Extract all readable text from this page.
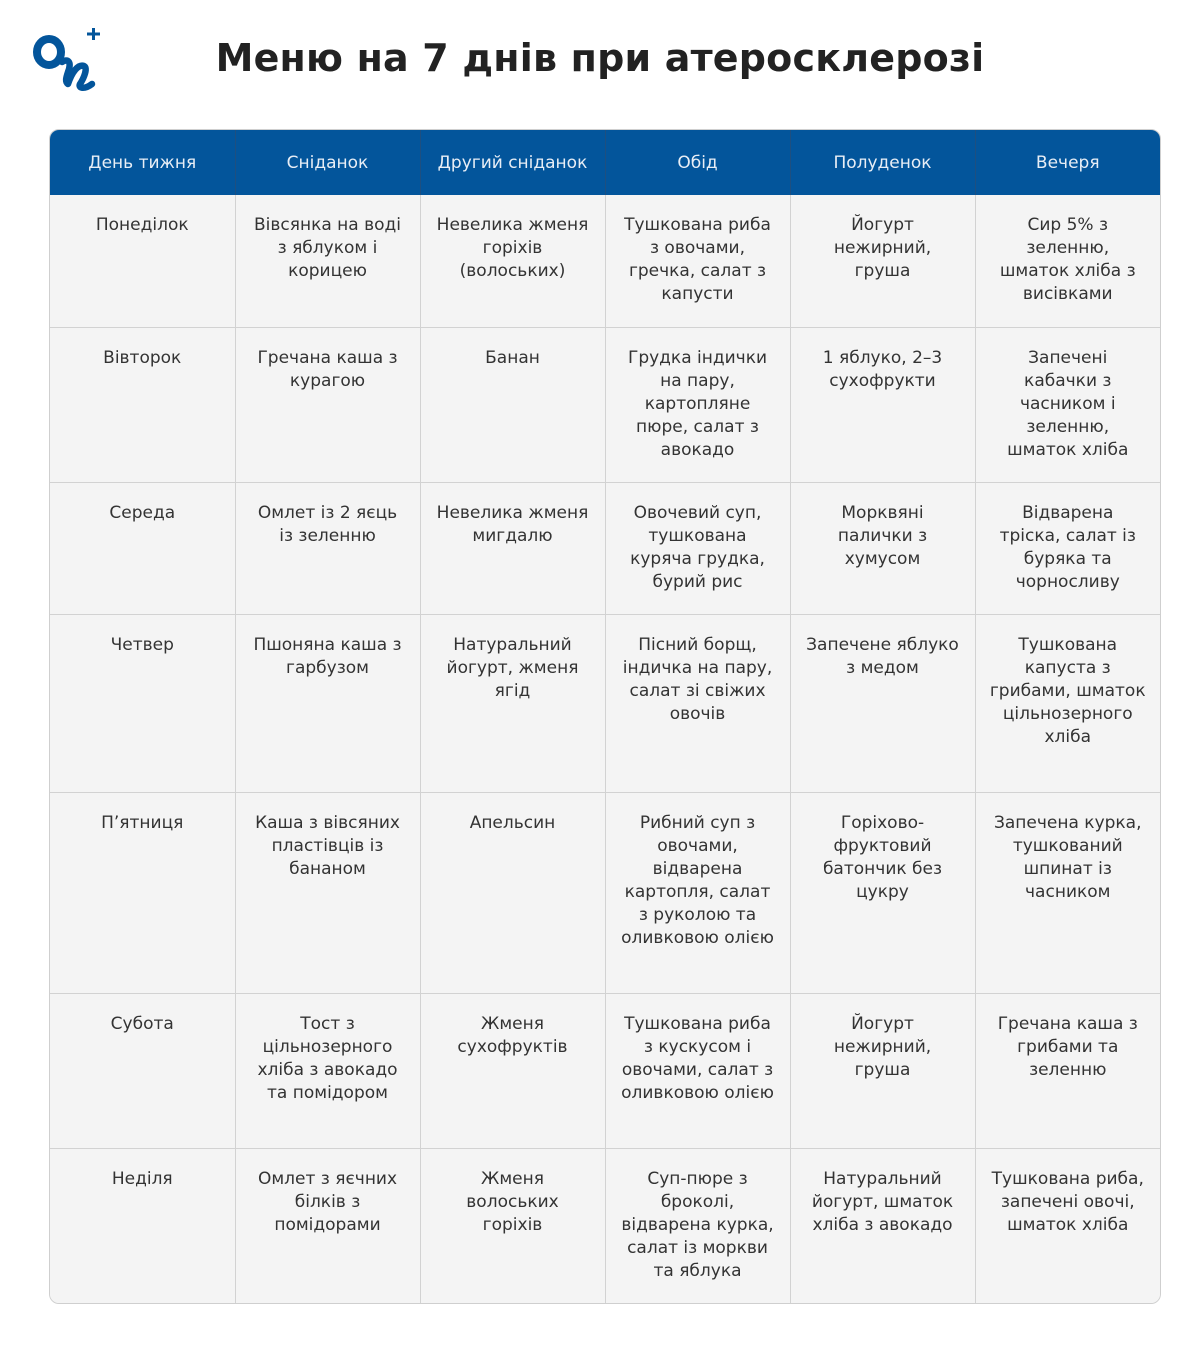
Меню на 7 днів при атеросклерозі
День тижня	Сніданок	Другий сніданок	Обід	Полуденок	Вечеря
Понеділок	Вівсянка на воді з яблуком і корицею	Невелика жменя горіхів (волоських)	Тушкована риба з овочами, гречка, салат з капусти	Йогурт нежирний, груша	Сир 5% з зеленню, шматок хліба з висівками
Вівторок	Гречана каша з курагою	Банан	Грудка індички на пару, картопляне пюре, салат з авокадо	1 яблуко, 2–3 сухофрукти	Запечені кабачки з часником і зеленню, шматок хліба
Середа	Омлет із 2 яєць із зеленню	Невелика жменя мигдалю	Овочевий суп, тушкована куряча грудка, бурий рис	Морквяні палички з хумусом	Відварена тріска, салат із буряка та чорносливу
Четвер	Пшоняна каша з гарбузом	Натуральний йогурт, жменя ягід	Пісний борщ, індичка на пару, салат зі свіжих овочів	Запечене яблуко з медом	Тушкована капуста з грибами, шматок цільнозерного хліба
П’ятниця	Каша з вівсяних пластівців із бананом	Апельсин	Рибний суп з овочами, відварена картопля, салат з руколою та оливковою олією	Горіхово-фруктовий батончик без цукру	Запечена курка, тушкований шпинат із часником
Субота	Тост з цільнозерного хліба з авокадо та помідором	Жменя сухофруктів	Тушкована риба з кускусом і овочами, салат з оливковою олією	Йогурт нежирний, груша	Гречана каша з грибами та зеленню
Неділя	Омлет з яєчних білків з помідорами	Жменя волоських горіхів	Суп-пюре з броколі, відварена курка, салат із моркви та яблука	Натуральний йогурт, шматок хліба з авокадо	Тушкована риба, запечені овочі, шматок хліба
